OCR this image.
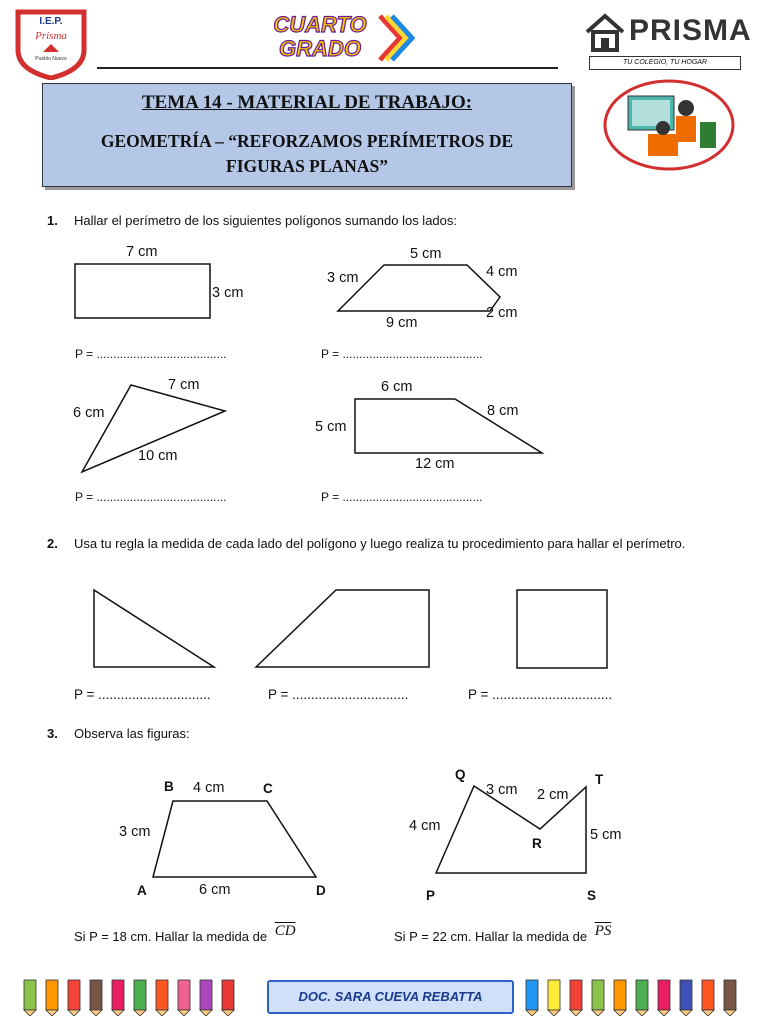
I.E.P.
Prisma
Pueblo Nuevo
CUARTO
GRADO
PRISMA
TU COLEGIO, TU HOGAR
TEMA 14 - MATERIAL DE TRABAJO:
GEOMETRÍA – “REFORZAMOS PERÍMETROS DE
FIGURAS PLANAS”
1. Hallar el perímetro de los siguientes polígonos sumando los lados:
7 cm
3 cm
5 cm
3 cm	4 cm
2 cm
9 cm
P = .......................................	P = ..........................................
7 cm
6 cm
10 cm
6 cm
5 cm
8 cm
12 cm
P = .......................................	P = ..........................................
2. Usa tu regla la medida de cada lado del polígono y luego realiza tu procedimiento para hallar el perímetro.
P = ..............................	P = ...............................	P = ................................
3. Observa las figuras:
B	C
A	D
4 cm
3 cm
6 cm
Q	T
R
P	S
3 cm 2 cm
4 cm
5 cm
Si P = 18 cm. Hallar la medida de $\overline{CD}$	Si P = 22 cm. Hallar la medida de $\overline{PS}$
DOC. SARA CUEVA REBATTA
